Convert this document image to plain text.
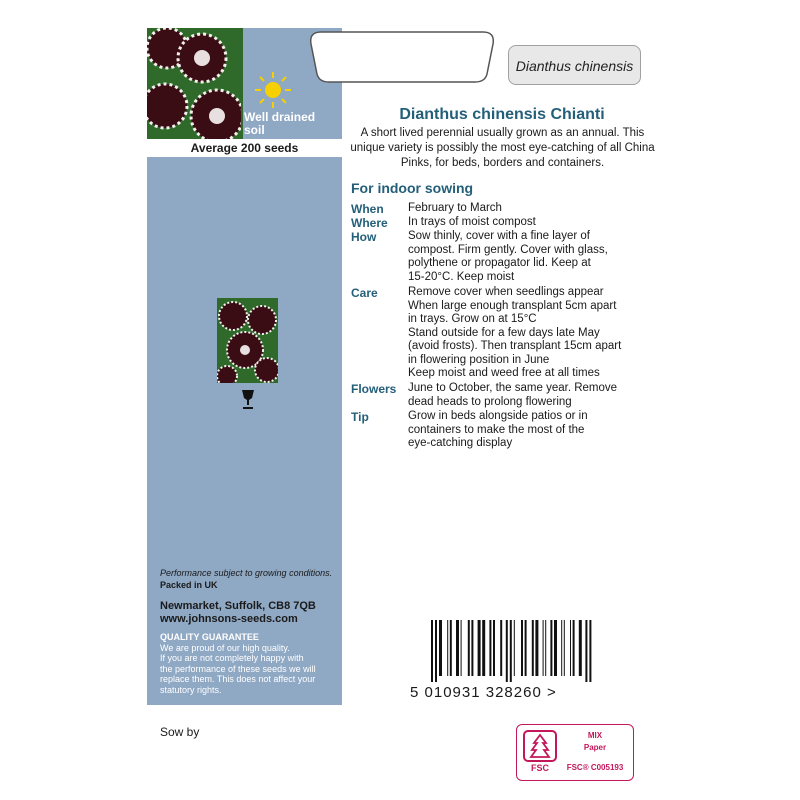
Well drained
soil
Average 200 seeds
Performance subject to growing conditions.
Packed in UK
Newmarket, Suffolk, CB8 7QB
www.johnsons-seeds.com
QUALITY GUARANTEE
We are proud of our high quality.
If you are not completely happy with
the performance of these seeds we will
replace them. This does not affect your
statutory rights.
Dianthus chinensis
Dianthus chinensis Chianti
A short lived perennial usually grown as an annual. This unique variety is possibly the most eye-catching of all China Pinks, for beds, borders and containers.
For indoor sowing
When February to March
Where In trays of moist compost
How	Sow thinly, cover with a fine layer of
compost. Firm gently. Cover with glass,
polythene or propagator lid. Keep at
15-20°C. Keep moist
Care	Remove cover when seedlings appear
When large enough transplant 5cm apart
in trays. Grow on at 15°C
Stand outside for a few days late May
(avoid frosts). Then transplant 15cm apart
in flowering position in June
Keep moist and weed free at all times
Flowers June to October, the same year. Remove
dead heads to prolong flowering
Tip	Grow in beds alongside patios or in
containers to make the most of the
eye-catching display
5 010931 328260 >
Sow by
FSC
MIX
Paper
FSC® C005193
